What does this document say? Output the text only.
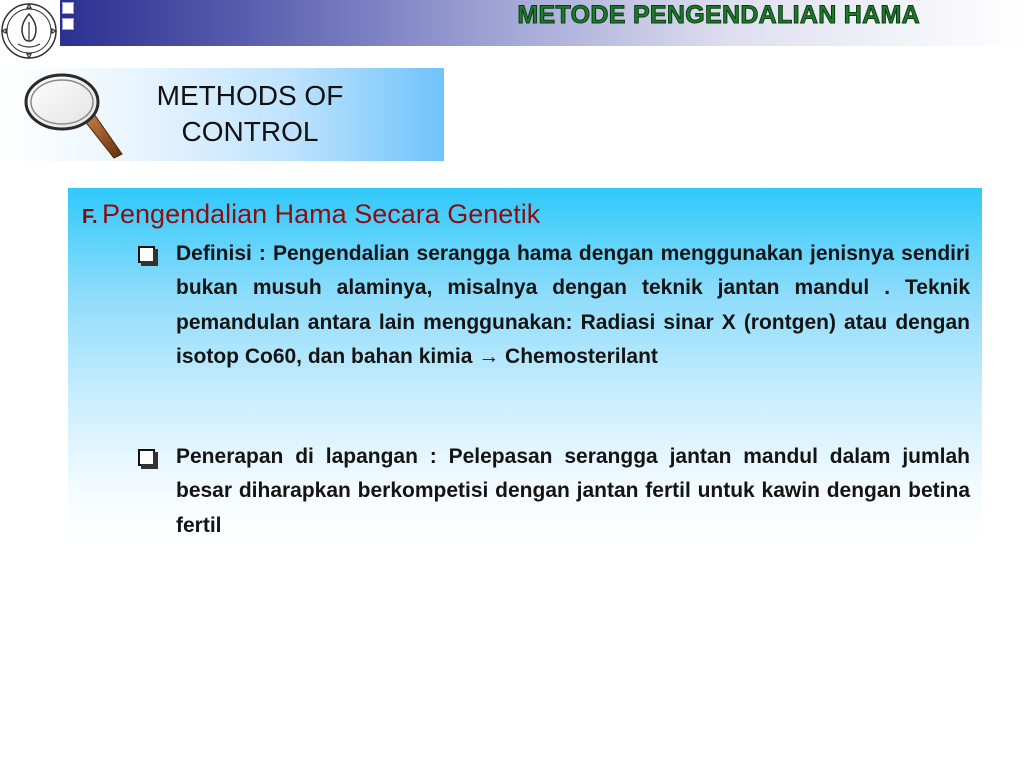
METODE PENGENDALIAN HAMA
METHODS OF
CONTROL
F. Pengendalian Hama Secara Genetik
Definisi : Pengendalian serangga hama dengan menggunakan jenisnya sendiri bukan musuh alaminya, misalnya dengan teknik jantan mandul . Teknik pemandulan antara lain menggunakan: Radiasi sinar X (rontgen) atau dengan isotop Co60, dan bahan kimia → Chemosterilant
Penerapan di lapangan : Pelepasan serangga jantan mandul dalam jumlah besar diharapkan berkompetisi dengan jantan fertil untuk kawin dengan betina fertil
